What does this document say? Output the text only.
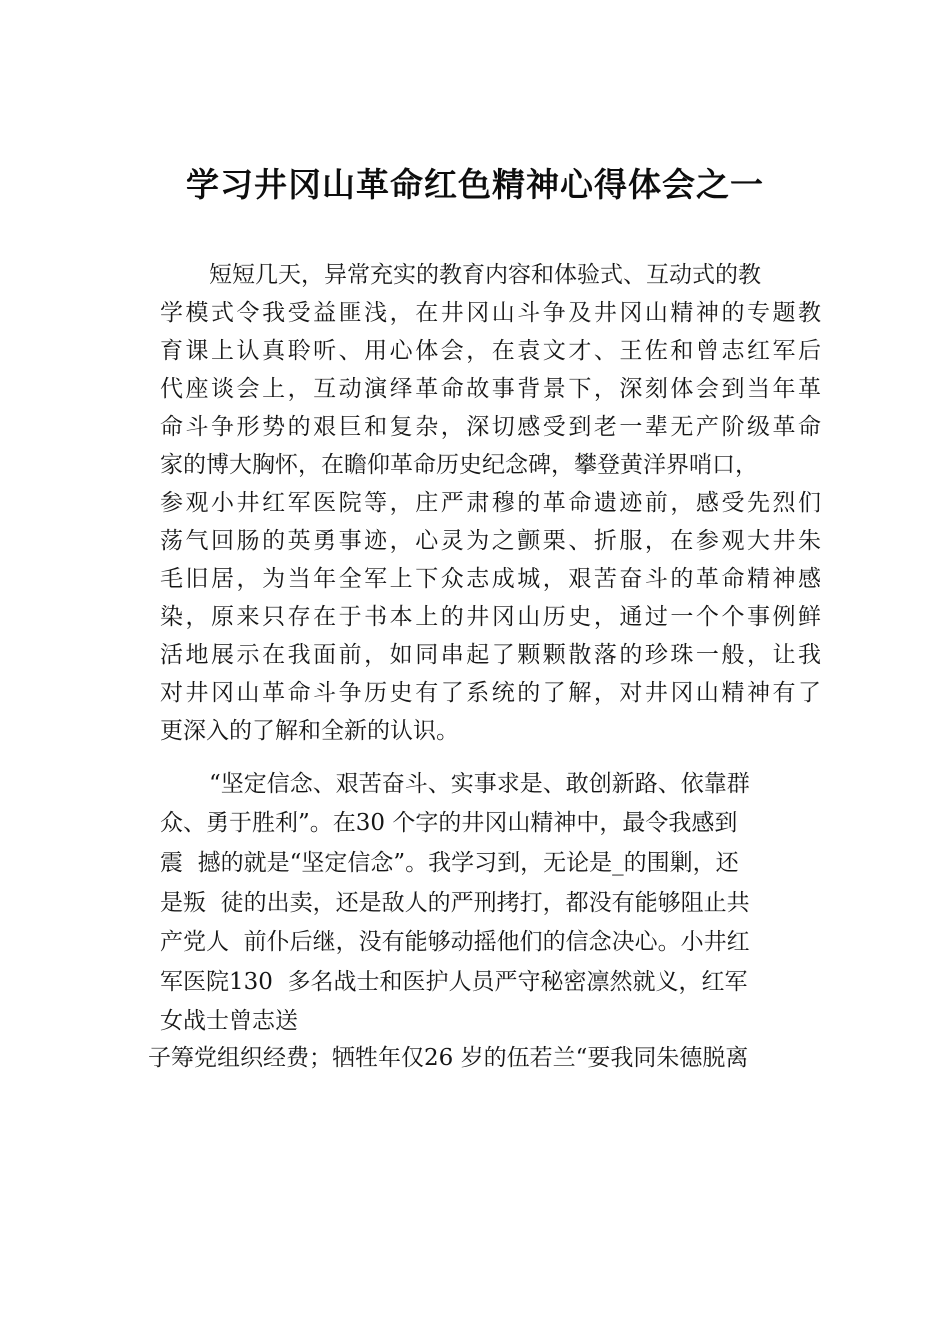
学习井冈山革命红色精神心得体会之一
短短几天，异常充实的教育内容和体验式、互动式的教
学模式令我受益匪浅，在井冈山斗争及井冈山精神的专题教
育课上认真聆听、用心体会，在袁文才、王佐和曾志红军后
代座谈会上，互动演绎革命故事背景下，深刻体会到当年革
命斗争形势的艰巨和复杂，深切感受到老一辈无产阶级革命
家的博大胸怀，在瞻仰革命历史纪念碑，攀登黄洋界哨口，
参观小井红军医院等，庄严肃穆的革命遗迹前，感受先烈们
荡气回肠的英勇事迹，心灵为之颤栗、折服，在参观大井朱
毛旧居，为当年全军上下众志成城，艰苦奋斗的革命精神感
染，原来只存在于书本上的井冈山历史，通过一个个事例鲜
活地展示在我面前，如同串起了颗颗散落的珍珠一般，让我
对井冈山革命斗争历史有了系统的了解，对井冈山精神有了
更深入的了解和全新的认识。
“坚定信念、艰苦奋斗、实事求是、敢创新路、依靠群
众、勇于胜利”。在30 个字的井冈山精神中，最令我感到
震  撼的就是“坚定信念”。我学习到，无论是_的围剿，还
是叛  徒的出卖，还是敌人的严刑拷打，都没有能够阻止共
产党人  前仆后继，没有能够动摇他们的信念决心。小井红
军医院130  多名战士和医护人员严守秘密凛然就义，红军
女战士曾志送
子筹党组织经费；牺牲年仅26 岁的伍若兰“要我同朱德脱离
